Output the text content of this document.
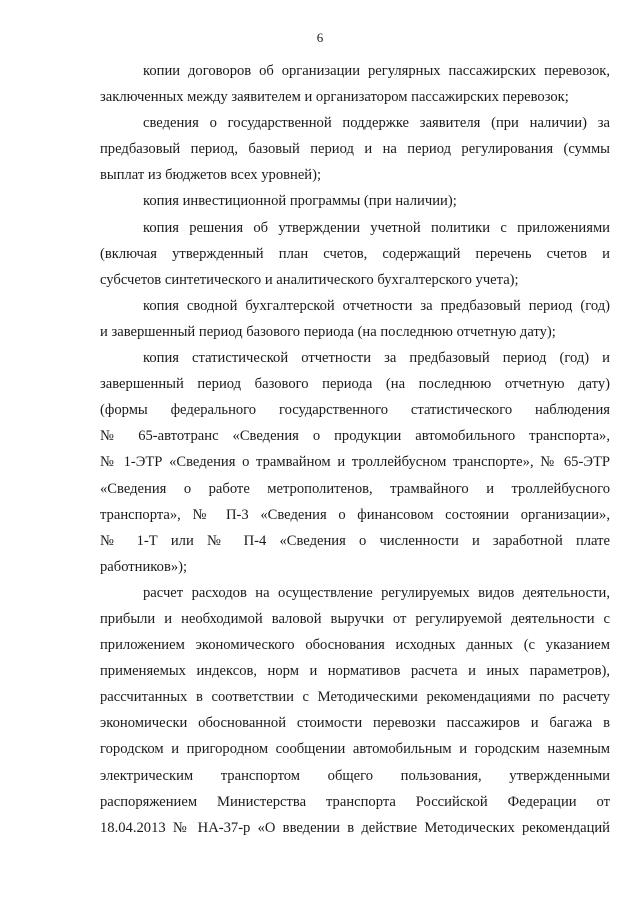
6
копии договоров об организации регулярных пассажирских перевозок,
заключенных между заявителем и организатором пассажирских перевозок;
сведения о государственной поддержке заявителя (при наличии) за
предбазовый период, базовый период и на период регулирования (суммы
выплат из бюджетов всех уровней);
копия инвестиционной программы (при наличии);
копия решения об утверждении учетной политики с приложениями
(включая утвержденный план счетов, содержащий перечень счетов и
субсчетов синтетического и аналитического бухгалтерского учета);
копия сводной бухгалтерской отчетности за предбазовый период (год)
и завершенный период базового периода (на последнюю отчетную дату);
копия статистической отчетности за предбазовый период (год) и
завершенный период базового периода (на последнюю отчетную дату)
(формы федерального государственного статистического наблюдения
№ 65-автотранс «Сведения о продукции автомобильного транспорта»,
№ 1-ЭТР «Сведения о трамвайном и троллейбусном транспорте», № 65-ЭТР
«Сведения о работе метрополитенов, трамвайного и троллейбусного
транспорта», № П-3 «Сведения о финансовом состоянии организации»,
№ 1-Т или № П-4 «Сведения о численности и заработной плате
работников»);
расчет расходов на осуществление регулируемых видов деятельности,
прибыли и необходимой валовой выручки от регулируемой деятельности с
приложением экономического обоснования исходных данных (с указанием
применяемых индексов, норм и нормативов расчета и иных параметров),
рассчитанных в соответствии с Методическими рекомендациями по расчету
экономически обоснованной стоимости перевозки пассажиров и багажа в
городском и пригородном сообщении автомобильным и городским наземным
электрическим транспортом общего пользования, утвержденными
распоряжением Министерства транспорта Российской Федерации от
18.04.2013 № НА-37-р «О введении в действие Методических рекомендаций
